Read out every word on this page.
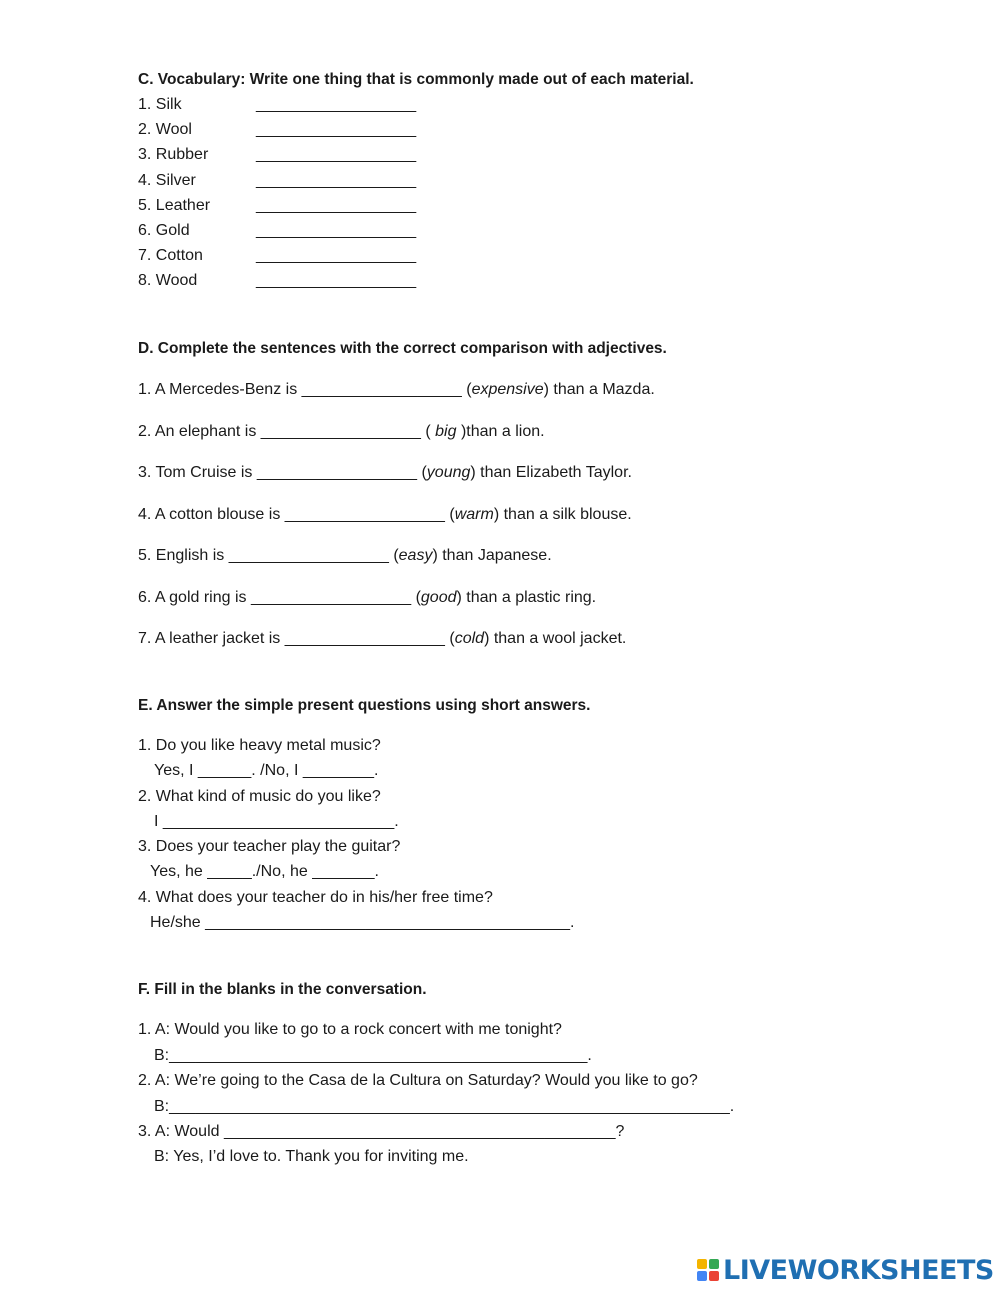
C. Vocabulary: Write one thing that is commonly made out of each material.
1. Silk	__________________
2. Wool	__________________
3. Rubber	__________________
4. Silver	__________________
5. Leather	__________________
6. Gold	__________________
7. Cotton	__________________
8. Wood	__________________
D. Complete the sentences with the correct comparison with adjectives.
1. A Mercedes-Benz is __________________ (expensive) than a Mazda.
2. An elephant is __________________ ( big )than a lion.
3. Tom Cruise is __________________ (young) than Elizabeth Taylor.
4. A cotton blouse is __________________ (warm) than a silk blouse.
5. English is __________________ (easy) than Japanese.
6. A gold ring is __________________ (good) than a plastic ring.
7. A leather jacket is __________________ (cold) than a wool jacket.
E. Answer the simple present questions using short answers.
1. Do you like heavy metal music?
Yes, I ______. /No, I ________.
2. What kind of music do you like?
I __________________________.
3. Does your teacher play the guitar?
Yes, he _____./No, he _______.
4. What does your teacher do in his/her free time?
He/she _________________________________________.
F. Fill in the blanks in the conversation.
1. A: Would you like to go to a rock concert with me tonight?
B:_______________________________________________.
2. A: We’re going to the Casa de la Cultura on Saturday? Would you like to go?
B:_______________________________________________________________.
3. A: Would ____________________________________________?
B: Yes, I’d love to. Thank you for inviting me.
LIVEWORKSHEETS
